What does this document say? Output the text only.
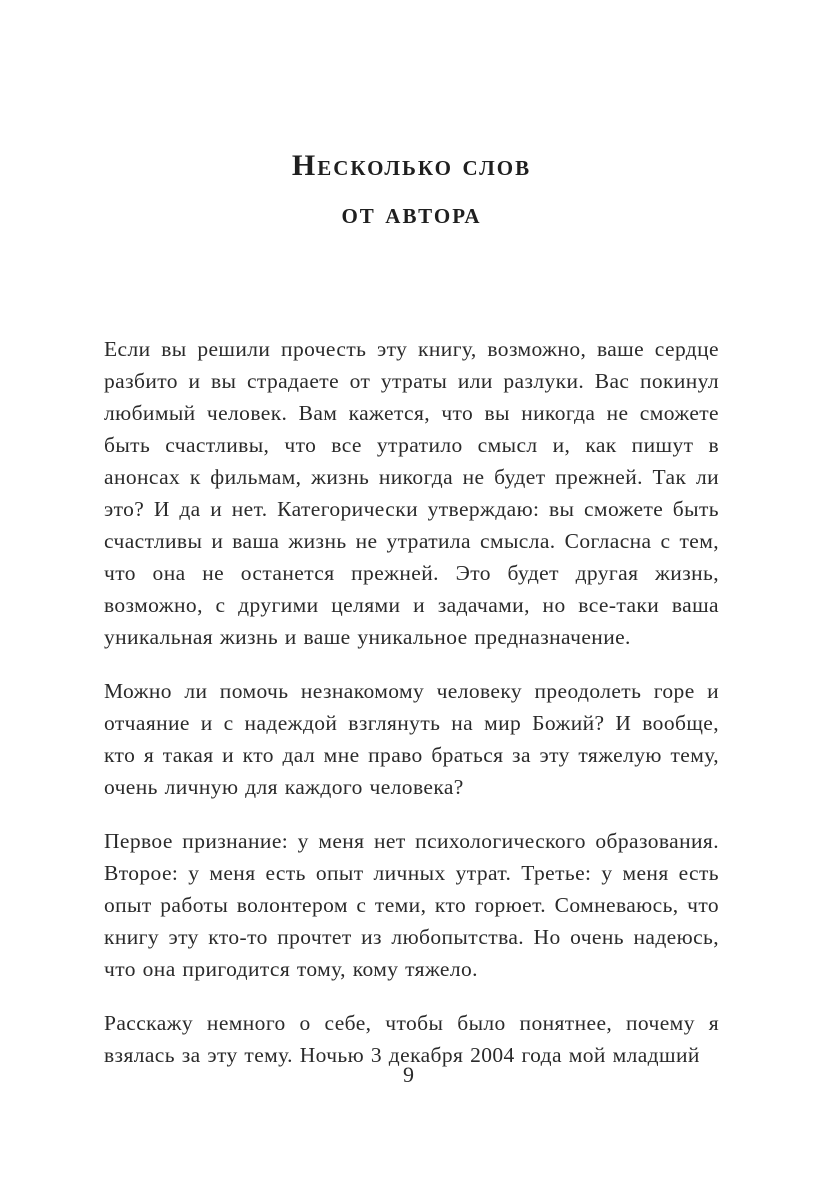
Несколько слов
от автора

Если вы решили прочесть эту книгу, возможно, ваше сердце разбито и вы страдаете от утраты или разлуки. Вас покинул любимый человек. Вам кажется, что вы никогда не сможете быть счастливы, что все утратило смысл и, как пишут в анонсах к фильмам, жизнь никогда не будет прежней. Так ли это? И да и нет. Категорически утверждаю: вы сможете быть счастливы и ваша жизнь не утратила смысла. Согласна с тем, что она не останется прежней. Это будет другая жизнь, возможно, с другими целями и задачами, но все-таки ваша уникальная жизнь и ваше уникальное предназначение.

Можно ли помочь незнакомому человеку преодолеть горе и отчаяние и с надеждой взглянуть на мир Божий? И вообще, кто я такая и кто дал мне право браться за эту тяжелую тему, очень личную для каждого человека?

Первое признание: у меня нет психологического образования. Второе: у меня есть опыт личных утрат. Третье: у меня есть опыт работы волонтером с теми, кто горюет. Сомневаюсь, что книгу эту кто-то прочтет из любопытства. Но очень надеюсь, что она пригодится тому, кому тяжело.

Расскажу немного о себе, чтобы было понятнее, почему я взялась за эту тему. Ночью 3 декабря 2004 года мой младший

9
